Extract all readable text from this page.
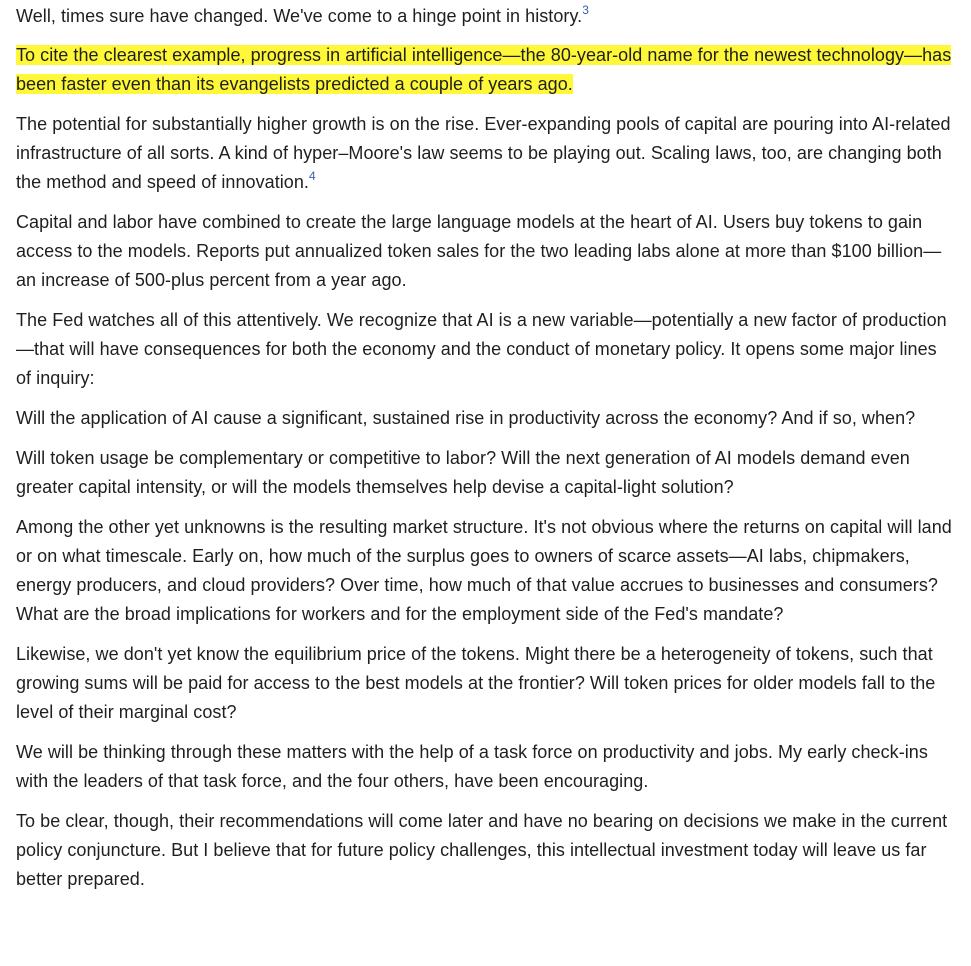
Well, times sure have changed. We've come to a hinge point in history.$^3$

To cite the clearest example, progress in artificial intelligence—the 80-year-old name for the newest technology—has been faster even than its evangelists predicted a couple of years ago.

The potential for substantially higher growth is on the rise. Ever-expanding pools of capital are pouring into AI-related infrastructure of all sorts. A kind of hyper–Moore's law seems to be playing out. Scaling laws, too, are changing both the method and speed of innovation.$^4$

Capital and labor have combined to create the large language models at the heart of AI. Users buy tokens to gain access to the models. Reports put annualized token sales for the two leading labs alone at more than $100 billion—an increase of 500-plus percent from a year ago.

The Fed watches all of this attentively. We recognize that AI is a new variable—potentially a new factor of production—that will have consequences for both the economy and the conduct of monetary policy. It opens some major lines of inquiry:

Will the application of AI cause a significant, sustained rise in productivity across the economy? And if so, when?

Will token usage be complementary or competitive to labor? Will the next generation of AI models demand even greater capital intensity, or will the models themselves help devise a capital-light solution?

Among the other yet unknowns is the resulting market structure. It's not obvious where the returns on capital will land or on what timescale. Early on, how much of the surplus goes to owners of scarce assets—AI labs, chipmakers, energy producers, and cloud providers? Over time, how much of that value accrues to businesses and consumers? What are the broad implications for workers and for the employment side of the Fed's mandate?

Likewise, we don't yet know the equilibrium price of the tokens. Might there be a heterogeneity of tokens, such that growing sums will be paid for access to the best models at the frontier? Will token prices for older models fall to the level of their marginal cost?

We will be thinking through these matters with the help of a task force on productivity and jobs. My early check-ins with the leaders of that task force, and the four others, have been encouraging.

To be clear, though, their recommendations will come later and have no bearing on decisions we make in the current policy conjuncture. But I believe that for future policy challenges, this intellectual investment today will leave us far better prepared.
